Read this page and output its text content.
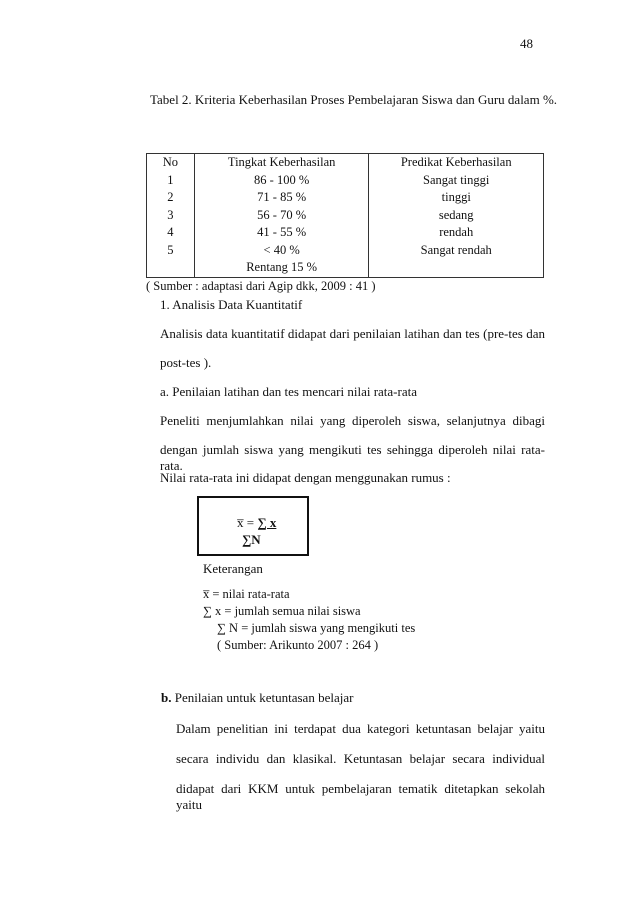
48
Tabel 2. Kriteria Keberhasilan Proses Pembelajaran Siswa dan Guru dalam %.
No	Tingkat Keberhasilan	Predikat Keberhasilan
1	86 - 100 %	Sangat tinggi
2	71 - 85 %	tinggi
3	56 - 70 %	sedang
4	41 - 55 %	rendah
5	< 40 %	Sangat rendah
	Rentang 15 %	
( Sumber : adaptasi dari Agip dkk, 2009 : 41 )
1. Analisis Data Kuantitatif
Analisis data kuantitatif didapat dari penilaian latihan dan tes (pre-tes dan
post-tes ).
a. Penilaian latihan dan tes mencari nilai rata-rata
Peneliti menjumlahkan nilai yang diperoleh siswa, selanjutnya dibagi
dengan jumlah siswa yang mengikuti tes sehingga diperoleh nilai rata-rata.
Nilai rata-rata ini didapat dengan menggunakan rumus :
x̅ = ∑ x
∑N
Keterangan
x̅ = nilai rata-rata
∑ x = jumlah semua nilai siswa
∑ N = jumlah siswa yang mengikuti tes
( Sumber: Arikunto 2007 : 264 )
b. Penilaian untuk ketuntasan belajar
Dalam penelitian ini terdapat dua kategori ketuntasan belajar yaitu
secara individu dan klasikal. Ketuntasan belajar secara individual
didapat dari KKM untuk pembelajaran tematik ditetapkan sekolah yaitu
